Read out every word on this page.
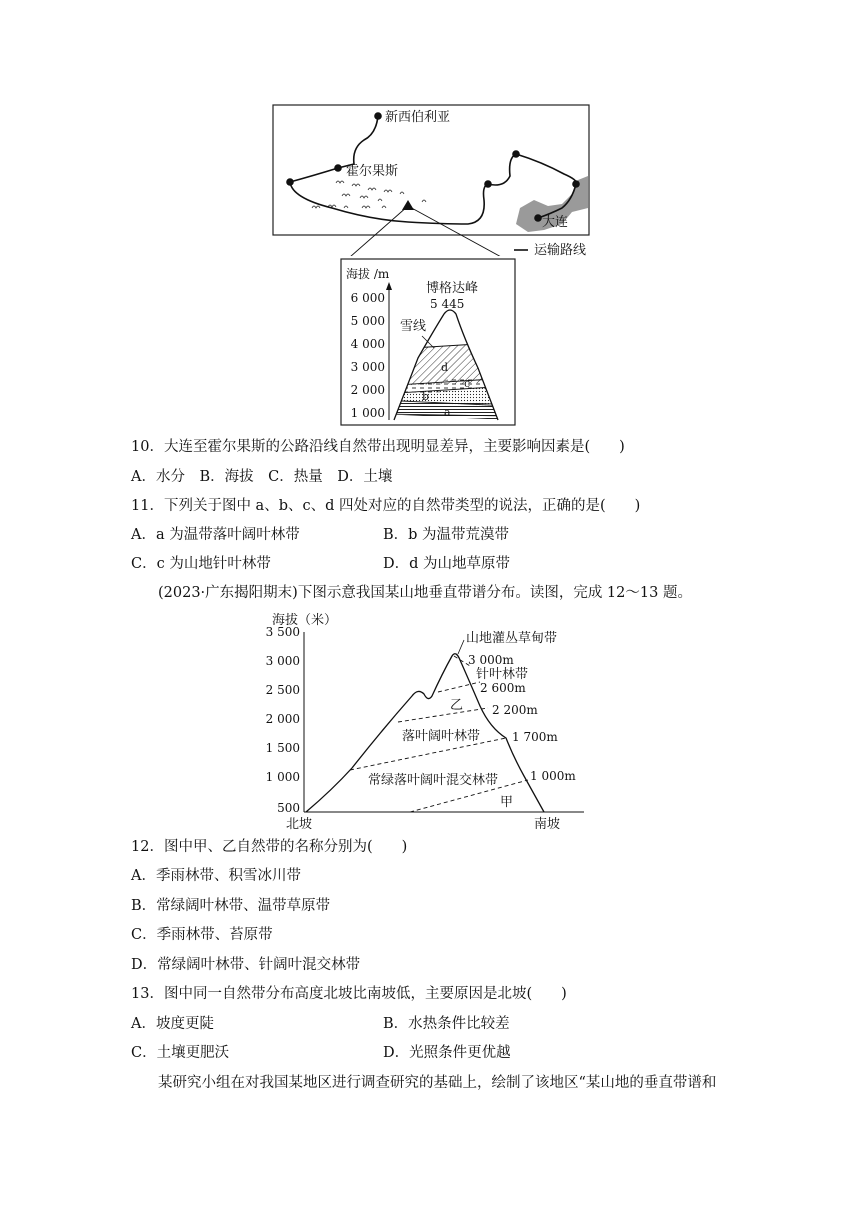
新西伯利亚
霍尔果斯
大连
运输路线
海拔 /m
6 000
5 000
4 000
3 000
2 000
1 000
博格达峰
5 445
雪线
d
c
b
a
10．大连至霍尔果斯的公路沿线自然带出现明显差异，主要影响因素是(　　)
A．水分　B．海拔　C．热量　D．土壤
11．下列关于图中 a、b、c、d 四处对应的自然带类型的说法，正确的是(　　)
A．a 为温带落叶阔叶林带	B．b 为温带荒漠带
C．c 为山地针叶林带	D．d 为山地草原带
(2023·广东揭阳期末)下图示意我国某山地垂直带谱分布。读图，完成 12～13 题。
海拔（米）
3 500
3 000
2 500
2 000
1 500
1 000
500
山地灌丛草甸带
3 000m
针叶林带
2 600m
乙 2 200m
落叶阔叶林带	1 700m
常绿落叶阔叶混交林带	1 000m
甲
北坡	南坡
12．图中甲、乙自然带的名称分别为(　　)
A．季雨林带、积雪冰川带
B．常绿阔叶林带、温带草原带
C．季雨林带、苔原带
D．常绿阔叶林带、针阔叶混交林带
13．图中同一自然带分布高度北坡比南坡低，主要原因是北坡(　　)
A．坡度更陡	B．水热条件比较差
C．土壤更肥沃	D．光照条件更优越
某研究小组在对我国某地区进行调查研究的基础上，绘制了该地区“某山地的垂直带谱和
